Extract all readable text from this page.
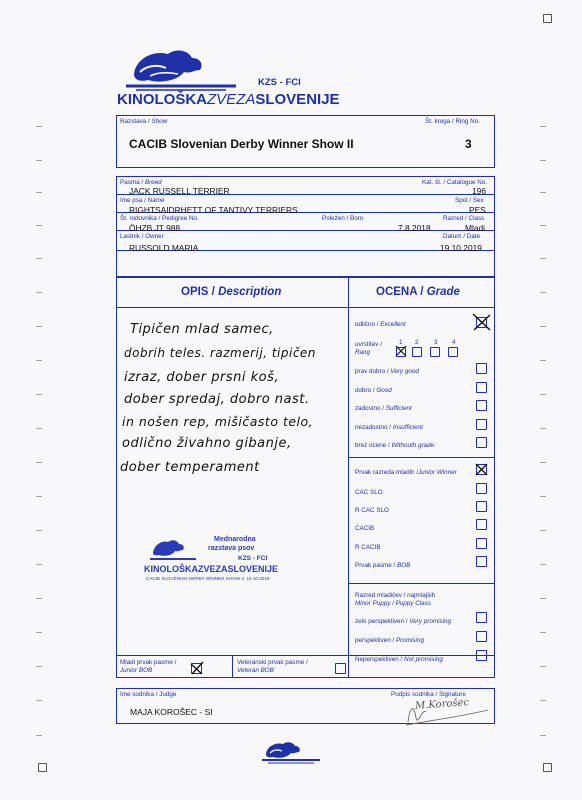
KZS - FCI
KINOLOŠKAZVEZASLOVENIJE
Razstava / Show	Št. kroga / Ring No.
CACIB Slovenian Derby Winner Show II	3
Pasma / Breed	Kat. št. / Catalogue No.
JACK RUSSELL TERRIER	196
Ime psa / Name	Spol / Sex
RIGHTSAIDRHETT OF TANTIVY TERRIERS	PES
Št. rodovnika / Pedigree No.	Poležen / Born	Razred / Class
ÖHZB JT 988	7.8.2018	Mladi
Lastnik / Owner	Datum / Date
RUSSOLD MARIA	19.10.2019
OPIS / Description	OCENA / Grade
Tipičen mlad samec,
dobrih teles. razmerij, tipičen
izraz, dober prsni koš,
dober spredaj, dobro nast.
in nošen rep, mišičasto telo,
odlično živahno gibanje,
dober temperament
Mednarodna
razstava psov
KZS - FCI
KINOLOŠKAZVEZASLOVENIJE
CACIB SLOVENIAN DERBY WINNER SHOW II, 19.10.2019
odlično / Excellent
uvrstitev /
Rang
1 2 3 4
prav dobro / Very good
dobro / Good
zadostno / Sufficient
nezadostno / Insufficient
brez ocene / Withouth grade
Prvak razreda mladih /Junior Winner
CAC SLO
R CAC SLO
CACIB
R CACIB
Prvak pasme / BOB
Razred mladičev / najmlajših
Minor Puppy / Puppy Class
zelo perspektiven / Very promising
perspektiven / Promising
Neperspektiven / Not promising
Mladi prvak pasme /
Junior BOB
Veteranski prvak pasme /
Veteran BOB
Ime sodnika / Judge	Podpis sodnika / Signature
MAJA KOROŠEC - SI
M.Korošec
